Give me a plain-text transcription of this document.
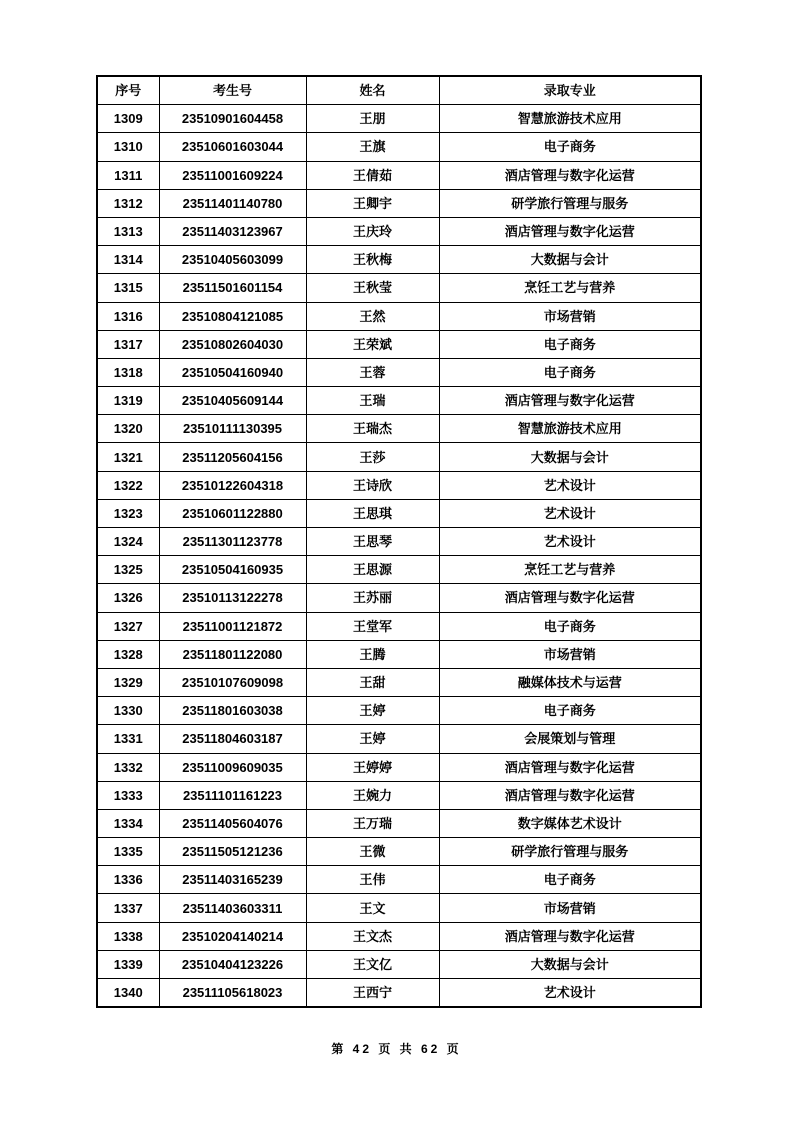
序号	考生号	姓名	录取专业
1309	23510901604458	王朋	智慧旅游技术应用
1310	23510601603044	王旗	电子商务
1311	23511001609224	王倩茹	酒店管理与数字化运营
1312	23511401140780	王卿宇	研学旅行管理与服务
1313	23511403123967	王庆玲	酒店管理与数字化运营
1314	23510405603099	王秋梅	大数据与会计
1315	23511501601154	王秋莹	烹饪工艺与营养
1316	23510804121085	王然	市场营销
1317	23510802604030	王荣斌	电子商务
1318	23510504160940	王蓉	电子商务
1319	23510405609144	王瑞	酒店管理与数字化运营
1320	23510111130395	王瑞杰	智慧旅游技术应用
1321	23511205604156	王莎	大数据与会计
1322	23510122604318	王诗欣	艺术设计
1323	23510601122880	王思琪	艺术设计
1324	23511301123778	王思琴	艺术设计
1325	23510504160935	王思源	烹饪工艺与营养
1326	23510113122278	王苏丽	酒店管理与数字化运营
1327	23511001121872	王堂军	电子商务
1328	23511801122080	王腾	市场营销
1329	23510107609098	王甜	融媒体技术与运营
1330	23511801603038	王婷	电子商务
1331	23511804603187	王婷	会展策划与管理
1332	23511009609035	王婷婷	酒店管理与数字化运营
1333	23511101161223	王婉力	酒店管理与数字化运营
1334	23511405604076	王万瑞	数字媒体艺术设计
1335	23511505121236	王微	研学旅行管理与服务
1336	23511403165239	王伟	电子商务
1337	23511403603311	王文	市场营销
1338	23510204140214	王文杰	酒店管理与数字化运营
1339	23510404123226	王文亿	大数据与会计
1340	23511105618023	王西宁	艺术设计
第 42 页 共 62 页
